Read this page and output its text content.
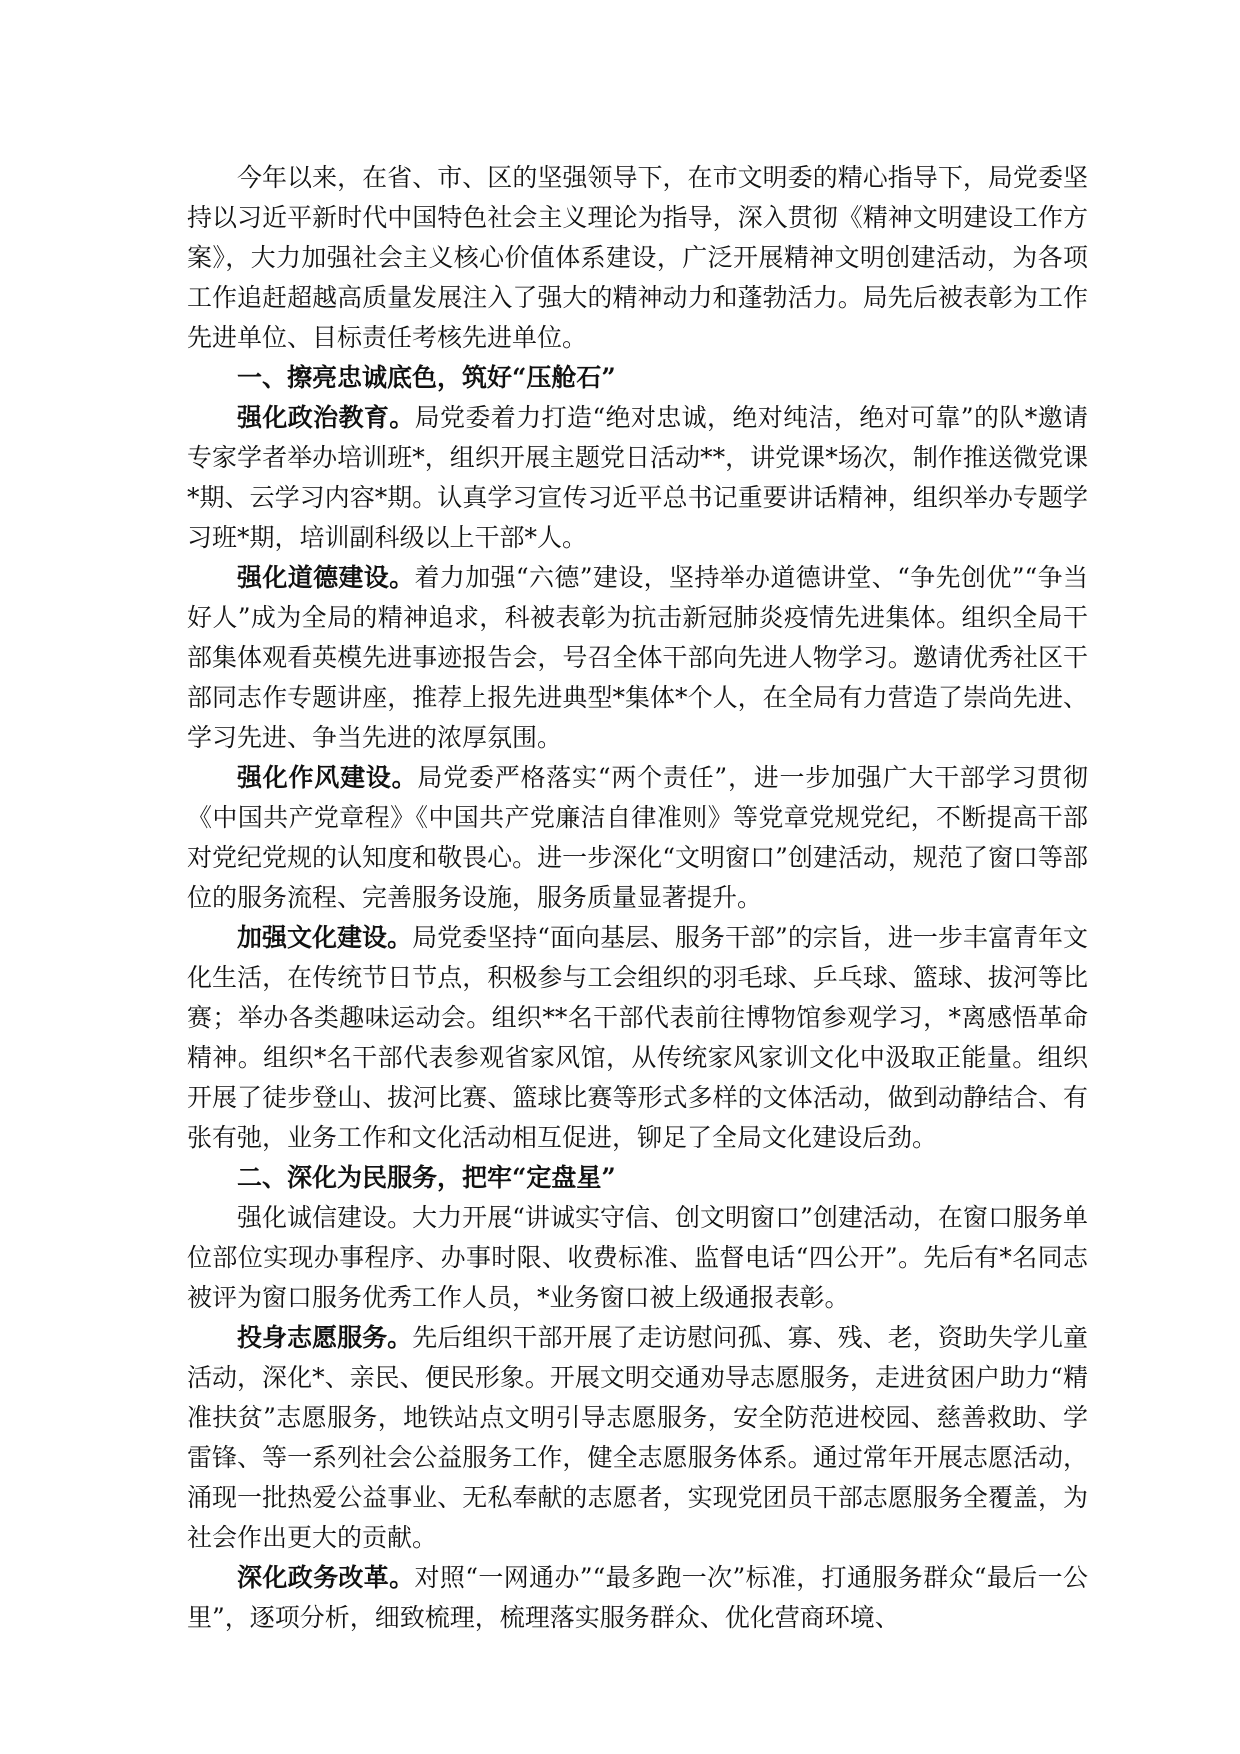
今年以来，在省、市、区的坚强领导下，在市文明委的精心指导下，局党委坚持以习近平新时代中国特色社会主义理论为指导，深入贯彻《精神文明建设工作方案》，大力加强社会主义核心价值体系建设，广泛开展精神文明创建活动，为各项工作追赶超越高质量发展注入了强大的精神动力和蓬勃活力。局先后被表彰为工作先进单位、目标责任考核先进单位。

一、擦亮忠诚底色，筑好“压舱石”

强化政治教育。局党委着力打造“绝对忠诚，绝对纯洁，绝对可靠”的队*邀请专家学者举办培训班*，组织开展主题党日活动**，讲党课*场次，制作推送微党课*期、云学习内容*期。认真学习宣传习近平总书记重要讲话精神，组织举办专题学习班*期，培训副科级以上干部*人。

强化道德建设。着力加强“六德”建设，坚持举办道德讲堂、“争先创优”“争当好人”成为全局的精神追求，科被表彰为抗击新冠肺炎疫情先进集体。组织全局干部集体观看英模先进事迹报告会，号召全体干部向先进人物学习。邀请优秀社区干部同志作专题讲座，推荐上报先进典型*集体*个人，在全局有力营造了崇尚先进、学习先进、争当先进的浓厚氛围。

强化作风建设。局党委严格落实“两个责任”，进一步加强广大干部学习贯彻《中国共产党章程》《中国共产党廉洁自律准则》等党章党规党纪，不断提高干部对党纪党规的认知度和敬畏心。进一步深化“文明窗口”创建活动，规范了窗口等部位的服务流程、完善服务设施，服务质量显著提升。

加强文化建设。局党委坚持“面向基层、服务干部”的宗旨，进一步丰富青年文化生活，在传统节日节点，积极参与工会组织的羽毛球、乒乓球、篮球、拔河等比赛；举办各类趣味运动会。组织**名干部代表前往博物馆参观学习，*离感悟革命精神。组织*名干部代表参观省家风馆，从传统家风家训文化中汲取正能量。组织开展了徒步登山、拔河比赛、篮球比赛等形式多样的文体活动，做到动静结合、有张有弛，业务工作和文化活动相互促进，铆足了全局文化建设后劲。

二、深化为民服务，把牢“定盘星”

强化诚信建设。大力开展“讲诚实守信、创文明窗口”创建活动，在窗口服务单位部位实现办事程序、办事时限、收费标准、监督电话“四公开”。先后有*名同志被评为窗口服务优秀工作人员，*业务窗口被上级通报表彰。

投身志愿服务。先后组织干部开展了走访慰问孤、寡、残、老，资助失学儿童活动，深化*、亲民、便民形象。开展文明交通劝导志愿服务，走进贫困户助力“精准扶贫”志愿服务，地铁站点文明引导志愿服务，安全防范进校园、慈善救助、学雷锋、等一系列社会公益服务工作，健全志愿服务体系。通过常年开展志愿活动，涌现一批热爱公益事业、无私奉献的志愿者，实现党团员干部志愿服务全覆盖，为社会作出更大的贡献。

深化政务改革。对照“一网通办”“最多跑一次”标准，打通服务群众“最后一公里”，逐项分析，细致梳理，梳理落实服务群众、优化营商环境、
